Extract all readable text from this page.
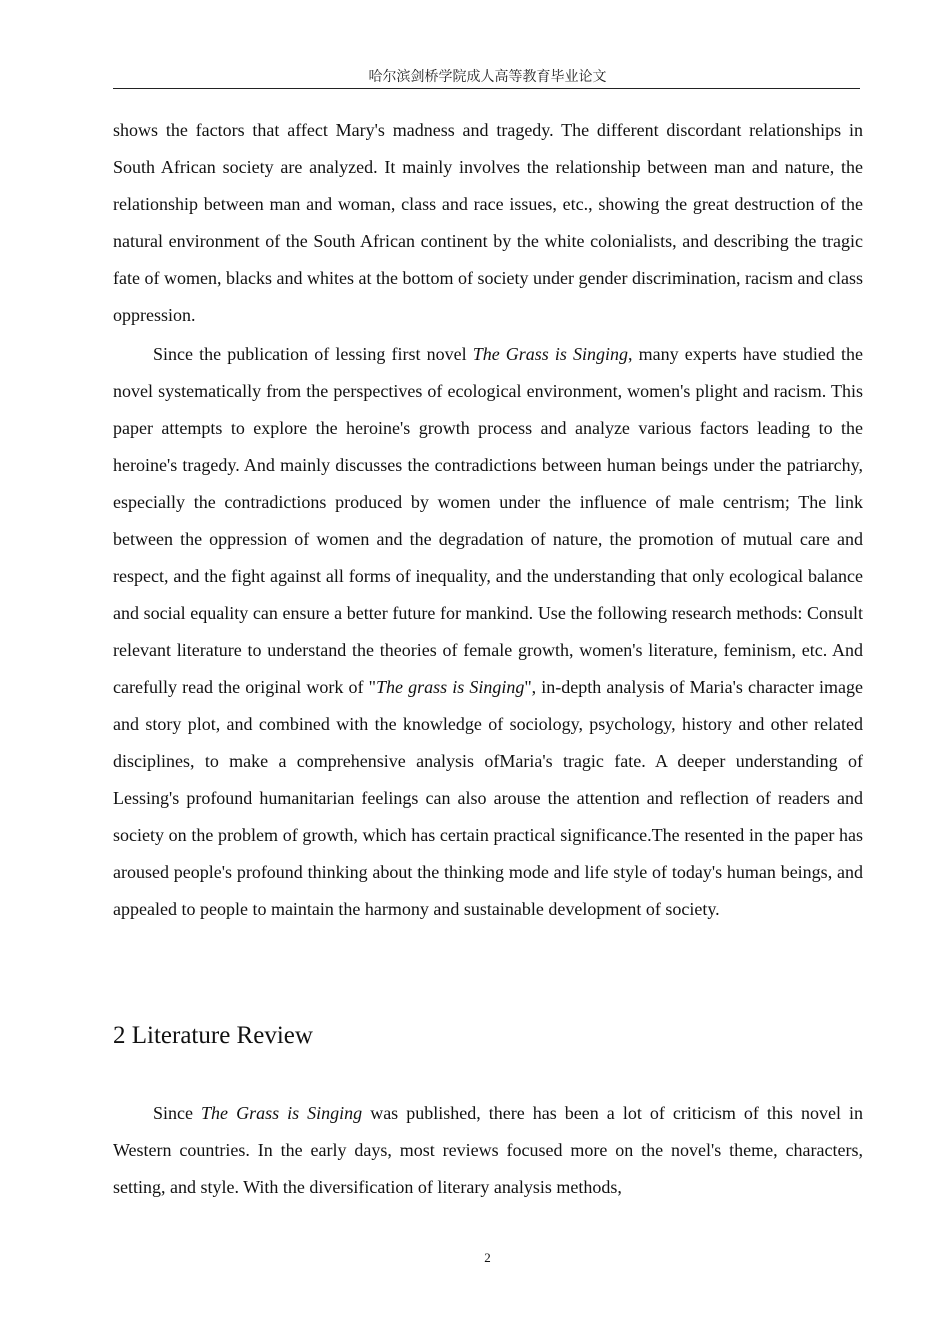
哈尔滨剑桥学院成人高等教育毕业论文

shows the factors that affect Mary's madness and tragedy. The different discordant relationships in South African society are analyzed. It mainly involves the relationship between man and nature, the relationship between man and woman, class and race issues, etc., showing the great destruction of the natural environment of the South African continent by the white colonialists, and describing the tragic fate of women, blacks and whites at the bottom of society under gender discrimination, racism and class oppression.

Since the publication of lessing first novel The Grass is Singing, many experts have studied the novel systematically from the perspectives of ecological environment, women's plight and racism. This paper attempts to explore the heroine's growth process and analyze various factors leading to the heroine's tragedy. And mainly discusses the contradictions between human beings under the patriarchy, especially the contradictions produced by women under the influence of male centrism; The link between the oppression of women and the degradation of nature, the promotion of mutual care and respect, and the fight against all forms of inequality, and the understanding that only ecological balance and social equality can ensure a better future for mankind. Use the following research methods: Consult relevant literature to understand the theories of female growth, women's literature, feminism, etc. And carefully read the original work of "The grass is Singing", in-depth analysis of Maria's character image and story plot, and combined with the knowledge of sociology, psychology, history and other related disciplines, to make a comprehensive analysis ofMaria's tragic fate. A deeper understanding of Lessing's profound humanitarian feelings can also arouse the attention and reflection of readers and society on the problem of growth, which has certain practical significance.The resented in the paper has aroused people's profound thinking about the thinking mode and life style of today's human beings, and appealed to people to maintain the harmony and sustainable development of society.

2 Literature Review

Since The Grass is Singing was published, there has been a lot of criticism of this novel in Western countries. In the early days, most reviews focused more on the novel's theme, characters, setting, and style. With the diversification of literary analysis methods,

2
